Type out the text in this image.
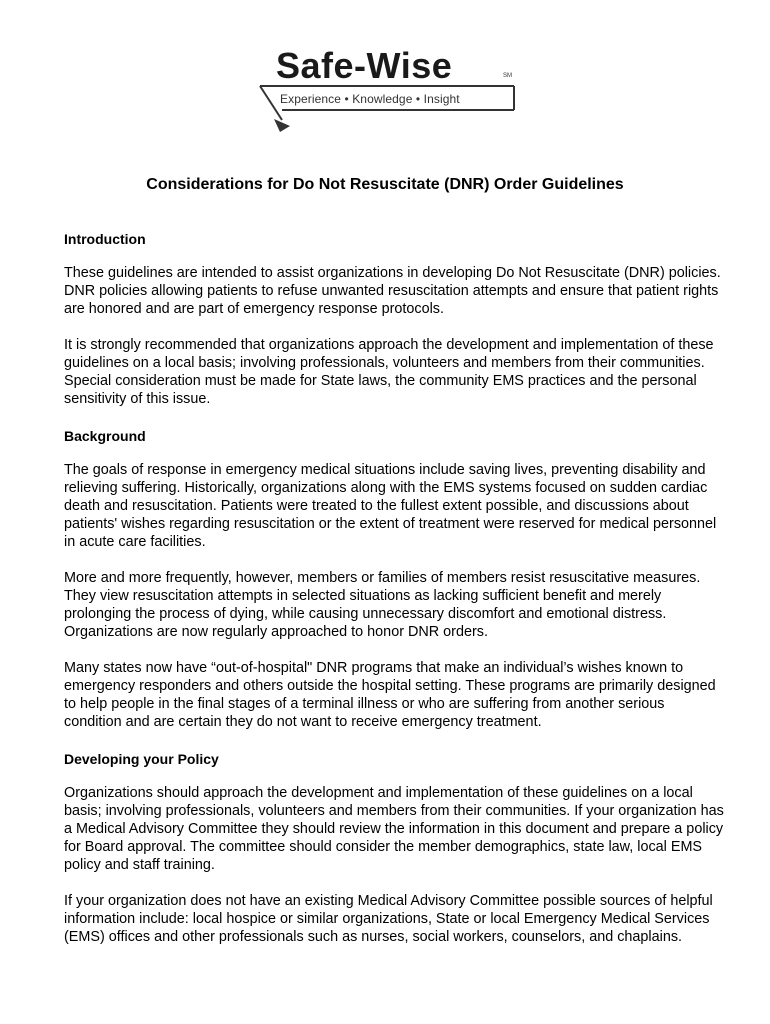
Safe-Wise	SM
Experience • Knowledge • Insight
Considerations for Do Not Resuscitate (DNR) Order Guidelines
Introduction

These guidelines are intended to assist organizations in developing Do Not Resuscitate (DNR) policies. DNR policies allowing patients to refuse unwanted resuscitation attempts and ensure that patient rights are honored and are part of emergency response protocols.

It is strongly recommended that organizations approach the development and implementation of these guidelines on a local basis; involving professionals, volunteers and members from their communities. Special consideration must be made for State laws, the community EMS practices and the personal sensitivity of this issue.

Background

The goals of response in emergency medical situations include saving lives, preventing disability and relieving suffering. Historically, organizations along with the EMS systems focused on sudden cardiac death and resuscitation. Patients were treated to the fullest extent possible, and discussions about patients' wishes regarding resuscitation or the extent of treatment were reserved for medical personnel in acute care facilities.

More and more frequently, however, members or families of members resist resuscitative measures. They view resuscitation attempts in selected situations as lacking sufficient benefit and merely prolonging the process of dying, while causing unnecessary discomfort and emotional distress. Organizations are now regularly approached to honor DNR orders.

Many states now have “out-of-hospital" DNR programs that make an individual’s wishes known to emergency responders and others outside the hospital setting. These programs are primarily designed to help people in the final stages of a terminal illness or who are suffering from another serious condition and are certain they do not want to receive emergency treatment.

Developing your Policy

Organizations should approach the development and implementation of these guidelines on a local basis; involving professionals, volunteers and members from their communities. If your organization has a Medical Advisory Committee they should review the information in this document and prepare a policy for Board approval. The committee should consider the member demographics, state law, local EMS policy and staff training.

If your organization does not have an existing Medical Advisory Committee possible sources of helpful information include: local hospice or similar organizations, State or local Emergency Medical Services (EMS) offices and other professionals such as nurses, social workers, counselors, and chaplains.
